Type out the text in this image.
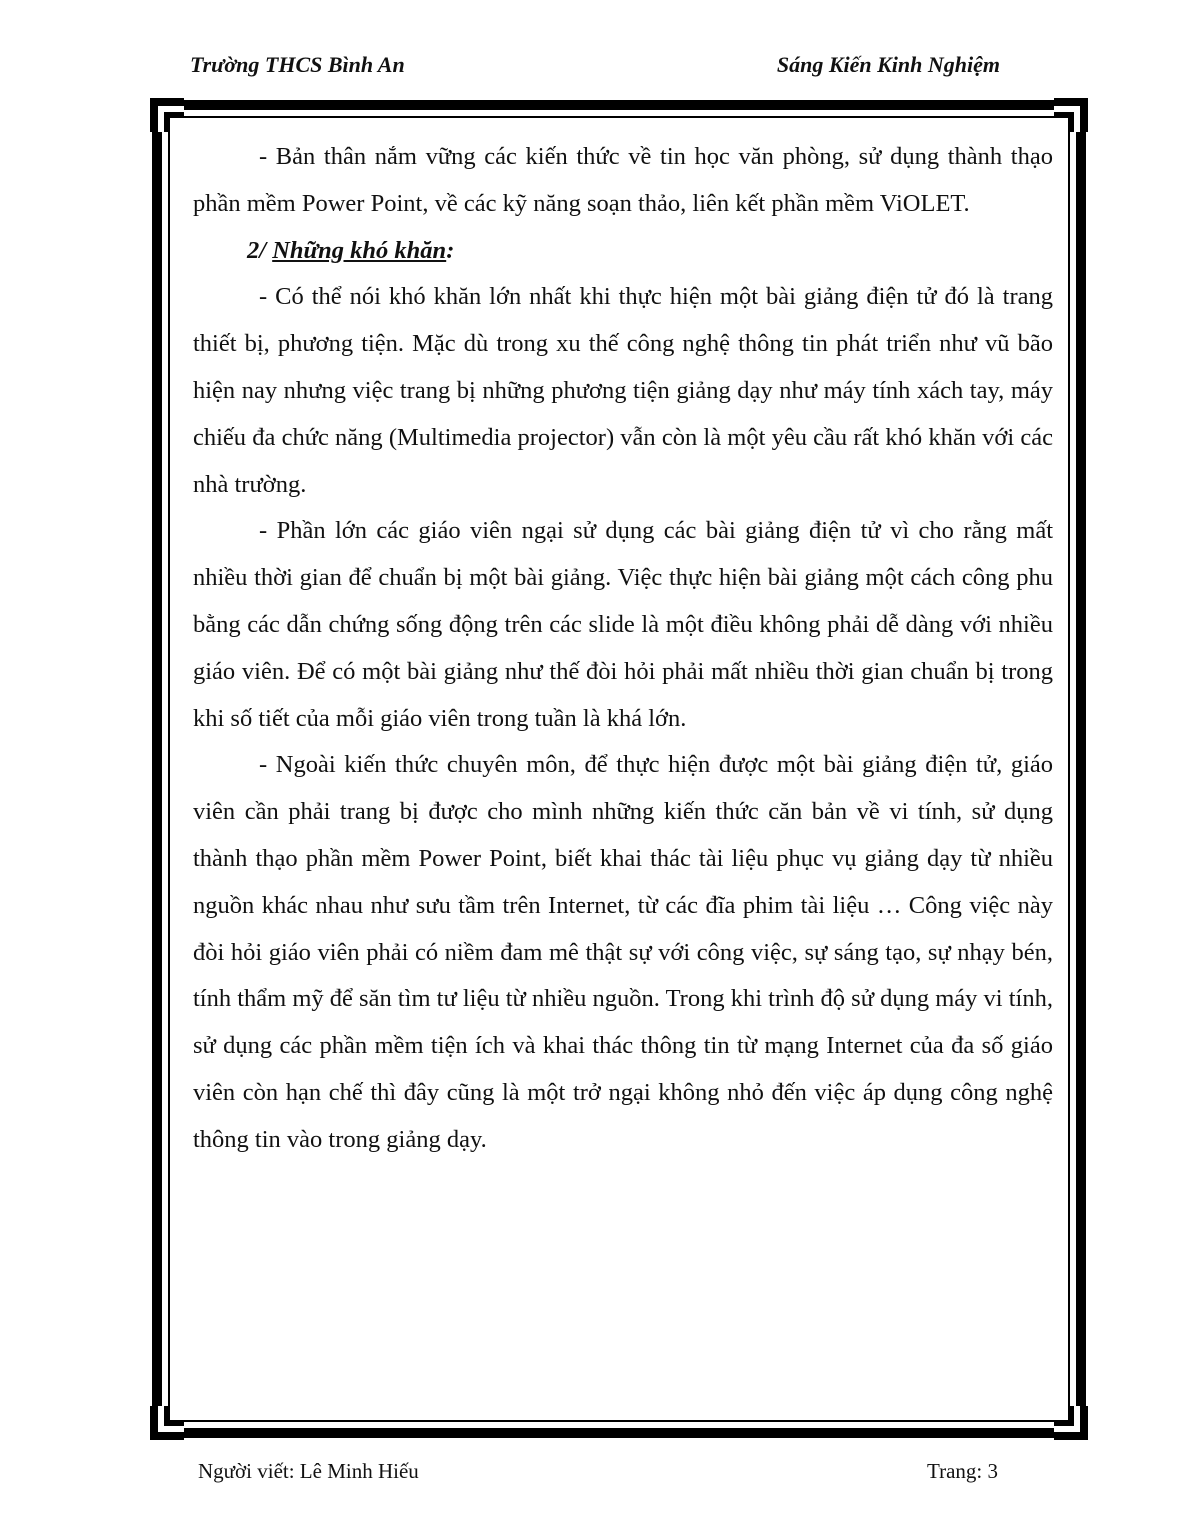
Trường THCS Bình An	Sáng Kiến Kinh Nghiệm

- Bản thân nắm vững các kiến thức về tin học văn phòng, sử dụng thành thạo phần mềm Power Point, về các kỹ năng soạn thảo, liên kết phần mềm ViOLET.

2/ Những khó khăn:

- Có thể nói khó khăn lớn nhất khi thực hiện một bài giảng điện tử đó là trang thiết bị, phương tiện. Mặc dù trong xu thế công nghệ thông tin phát triển như vũ bão hiện nay nhưng việc trang bị những phương tiện giảng dạy như máy tính xách tay, máy chiếu đa chức năng (Multimedia projector) vẫn còn là một yêu cầu rất khó khăn với các nhà trường.

- Phần lớn các giáo viên ngại sử dụng các bài giảng điện tử vì cho rằng mất nhiều thời gian để chuẩn bị một bài giảng. Việc thực hiện bài giảng một cách công phu bằng các dẫn chứng sống động trên các slide là một điều không phải dễ dàng với nhiều giáo viên. Để có một bài giảng như thế đòi hỏi phải mất nhiều thời gian chuẩn bị trong khi số tiết của mỗi giáo viên trong tuần là khá lớn.

- Ngoài kiến thức chuyên môn, để thực hiện được một bài giảng điện tử, giáo viên cần phải trang bị được cho mình những kiến thức căn bản về vi tính, sử dụng thành thạo phần mềm Power Point, biết khai thác tài liệu phục vụ giảng dạy từ nhiều nguồn khác nhau như sưu tầm trên Internet, từ các đĩa phim tài liệu … Công việc này đòi hỏi giáo viên phải có niềm đam mê thật sự với công việc, sự sáng tạo, sự nhạy bén, tính thẩm mỹ để săn tìm tư liệu từ nhiều nguồn. Trong khi trình độ sử dụng máy vi tính, sử dụng các phần mềm tiện ích và khai thác thông tin từ mạng Internet của đa số giáo viên còn hạn chế thì đây cũng là một trở ngại không nhỏ đến việc áp dụng công nghệ thông tin vào trong giảng dạy.

Người viết: Lê Minh Hiếu	Trang: 3
